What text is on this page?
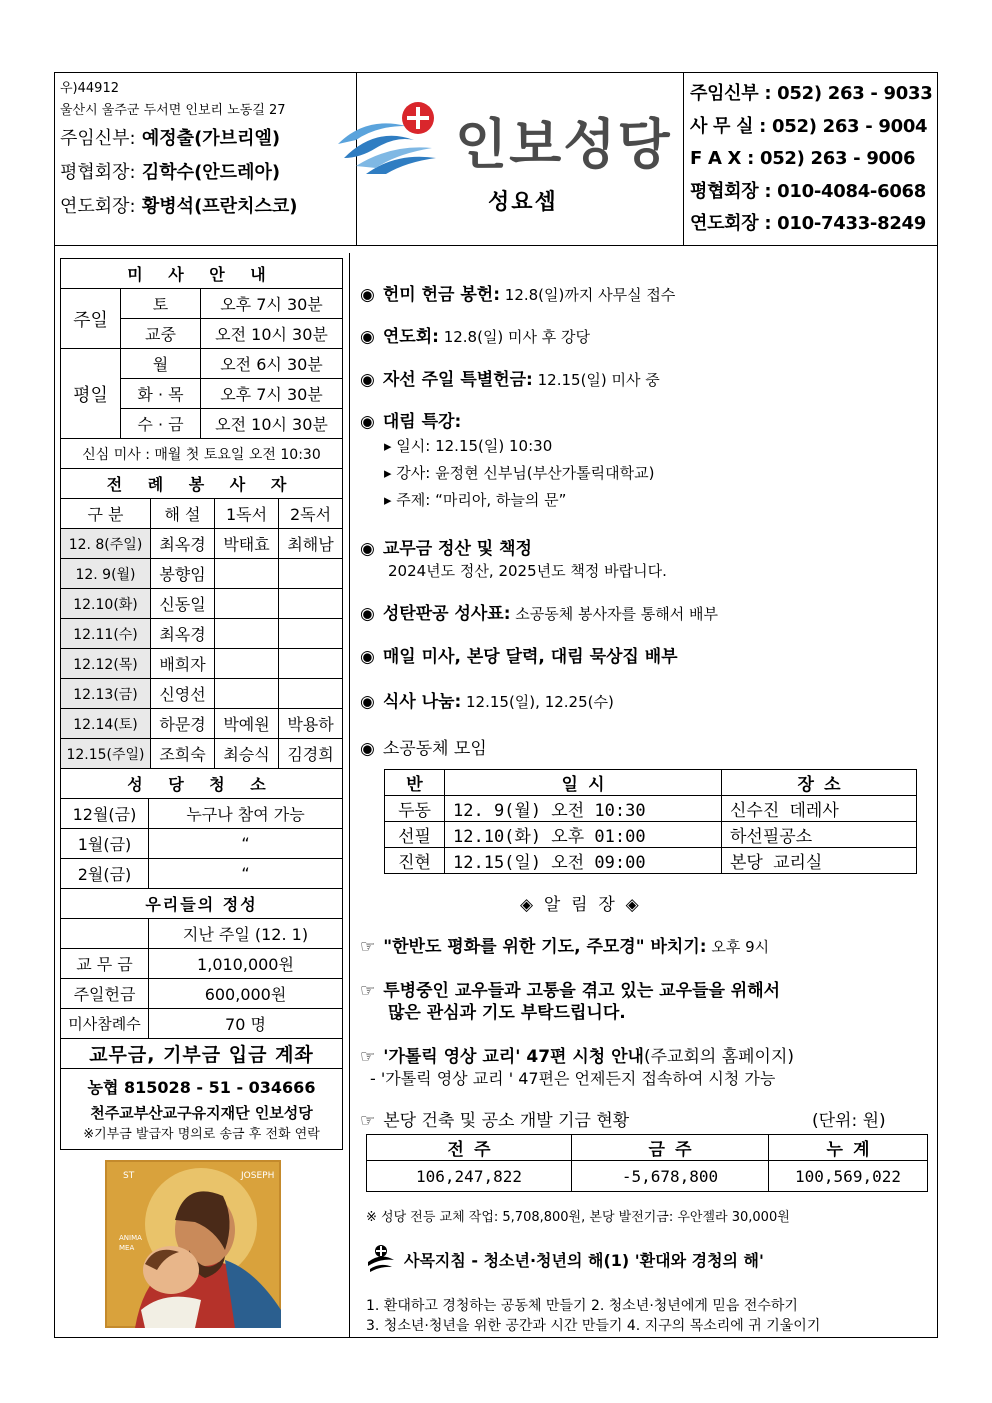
우)44912
울산시 울주군 두서면 인보리 노동길 27
주임신부: 예정출(가브리엘)
평협회장: 김학수(안드레아)
연도회장: 황병석(프란치스코)
인보성당
성요셉
주임신부 : 052) 263 - 9033
사 무 실 : 052) 263 - 9004
F A X : 052) 263 - 9006
평협회장 : 010-4084-6068
연도회장 : 010-7433-8249
미 사 안 내		
주일	토	오후 7시 30분
	교중	오전 10시 30분
평일	월	오전 6시 30분
	화 · 목	오후 7시 30분
	수 · 금	오전 10시 30분
신심 미사 : 매월 첫 토요일 오전 10:30		
전 례 봉 사 자		
구 분	해 설	1독서	2독서
12. 8(주일)	최옥경	박태효	최해남
12. 9(월)	봉향임		
12.10(화)	신동일		
12.11(수)	최옥경		
12.12(목)	배희자		
12.13(금)	신영선		
12.14(토)	하문경	박예원	박용하
12.15(주일)	조희숙	최승식	김경희
성 당 청 소	
12월(금)	누구나 참여 가능
1월(금)	“
2월(금)	“
우리들의 정성	
	지난 주일 (12. 1)
교 무 금	1,010,000원
주일헌금	600,000원
미사참례수	70 명
교무금, 기부금 입금 계좌	
농협 815028 - 51 - 034666
천주교부산교구유지재단 인보성당
※기부금 발급자 명의로 송금 후 전화 연락
ST	JOSEPH
ANIMA
MEA
◉ 헌미 헌금 봉헌: 12.8(일)까지 사무실 접수
◉ 연도회: 12.8(일) 미사 후 강당
◉ 자선 주일 특별헌금: 12.15(일) 미사 중
◉ 대림 특강:
▸ 일시: 12.15(일) 10:30
▸ 강사: 윤정현 신부님(부산가톨릭대학교)
▸ 주제: “마리아, 하늘의 문”
◉ 교무금 정산 및 책정
2024년도 정산, 2025년도 책정 바랍니다.
◉ 성탄판공 성사표: 소공동체 봉사자를 통해서 배부
◉ 매일 미사, 본당 달력, 대림 묵상집 배부
◉ 식사 나눔: 12.15(일), 12.25(수)
◉ 소공동체 모임
반	일 시	장 소
두동	12. 9(월) 오전 10:30	신수진 데레사
선필	12.10(화) 오후 01:00	하선필공소
진현	12.15(일) 오전 09:00	본당 교리실
◈  알  림  장  ◈
☞ "한반도 평화를 위한 기도, 주모경" 바치기: 오후 9시
☞ 투병중인 교우들과 고통을 겪고 있는 교우들을 위해서
많은 관심과 기도 부탁드립니다.
☞ '가톨릭 영상 교리' 47편 시청 안내(주교회의 홈페이지)
- '가톨릭 영상 교리 ' 47편은 언제든지 접속하여 시청 가능
☞ 본당 건축 및 공소 개발 기금 현황	(단위: 원)
전 주	금 주	누 계
106,247,822	-5,678,800	100,569,022
※ 성당 전등 교체 작업: 5,708,800원, 본당 발전기금: 우안젤라 30,000원
사목지침 - 청소년·청년의 해(1) '환대와 경청의 해'
1. 환대하고 경청하는 공동체 만들기 2. 청소년·청년에게 믿음 전수하기
3. 청소년·청년을 위한 공간과 시간 만들기 4. 지구의 목소리에 귀 기울이기
